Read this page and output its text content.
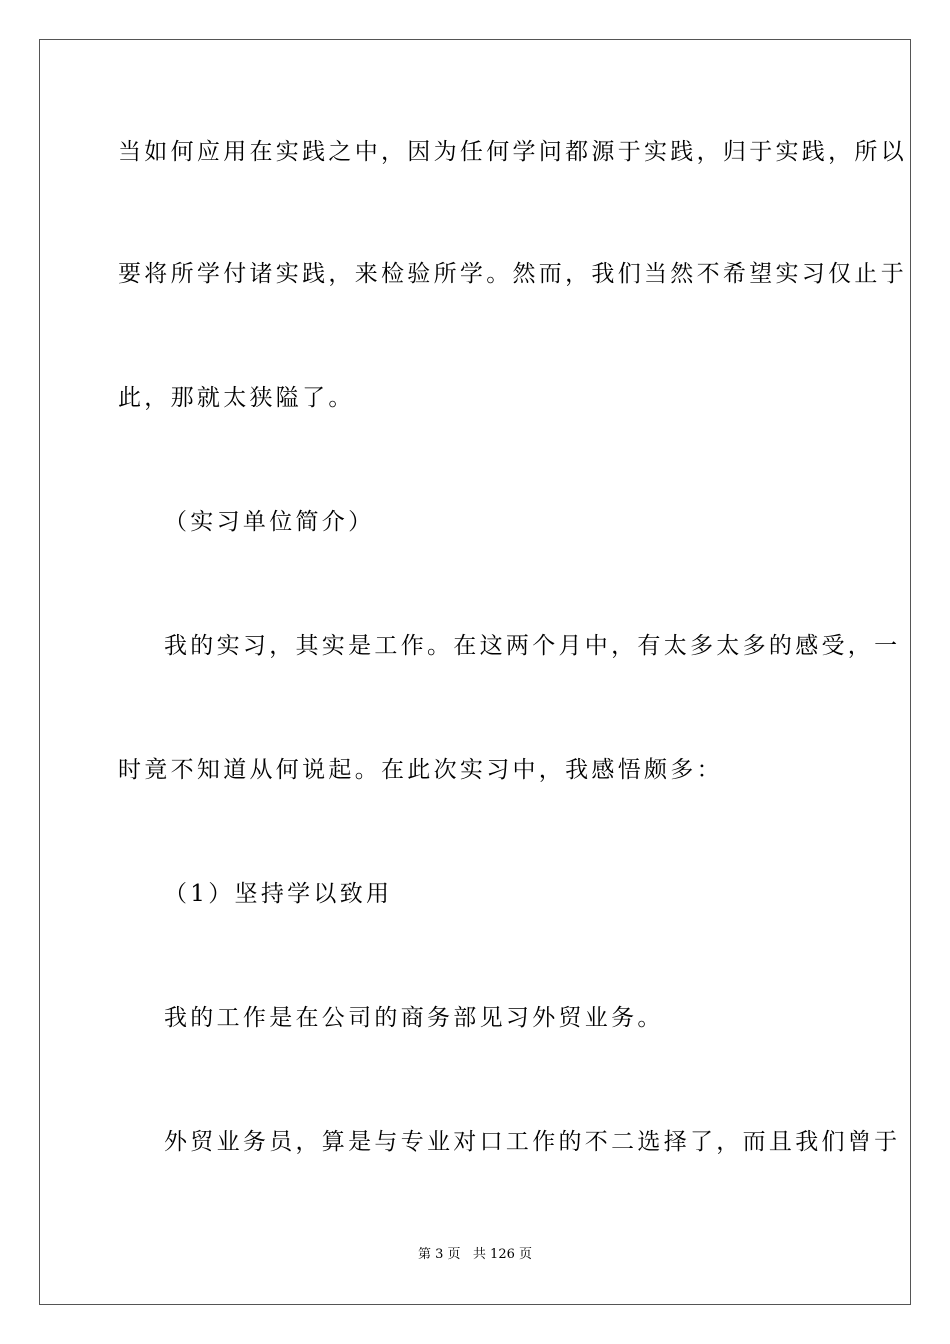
当如何应用在实践之中，因为任何学问都源于实践，归于实践，所以
要将所学付诸实践，来检验所学。然而，我们当然不希望实习仅止于
此，那就太狭隘了。
（实习单位简介）
我的实习，其实是工作。在这两个月中，有太多太多的感受，一
时竟不知道从何说起。在此次实习中，我感悟颇多：
（1）坚持学以致用
我的工作是在公司的商务部见习外贸业务。
外贸业务员，算是与专业对口工作的不二选择了，而且我们曾于
第 3 页   共 126 页
